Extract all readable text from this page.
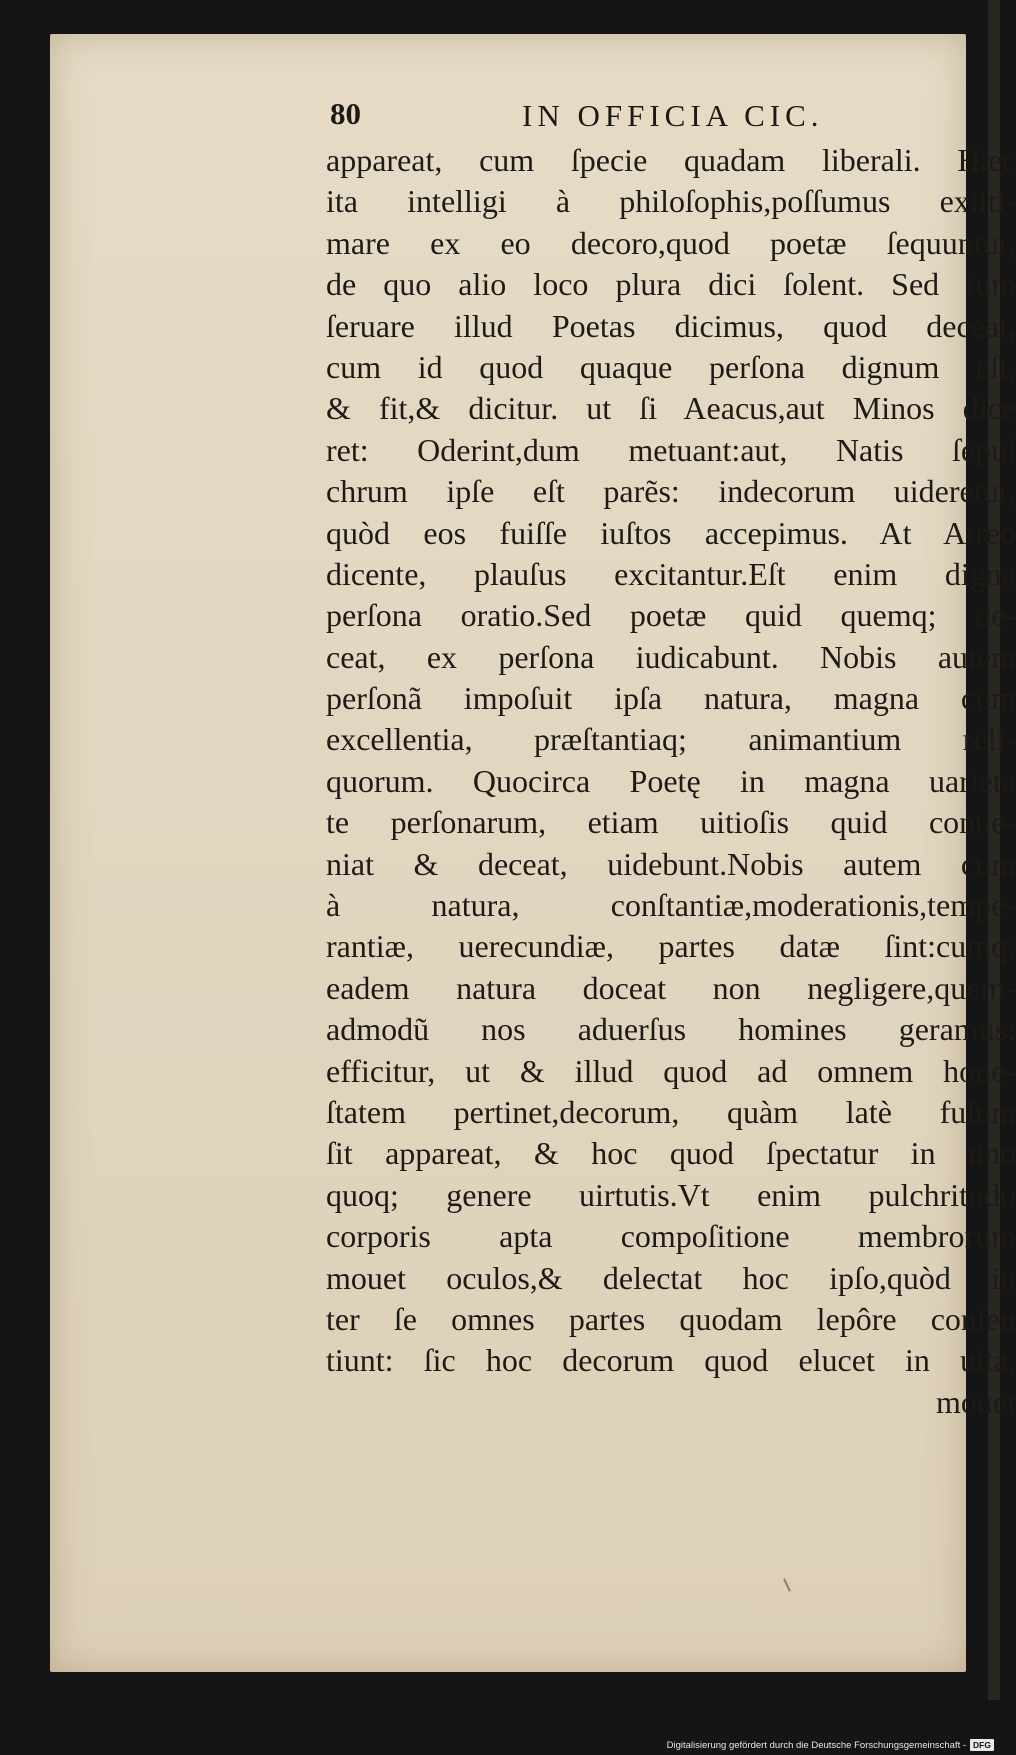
80	IN OFFICIA CIC.
appareat, cum ſpecie quadam liberali. Hæc
ita intelligi à philoſophis,poſſumus exiſti-
mare ex eo decoro,quod poetæ ſequuntur,
de quo alio loco plura dici ſolent. Sed tum
ſeruare illud Poetas dicimus, quod deceat,
cum id quod quaque perſona dignum eſt,
& fit,& dicitur. ut ſi Aeacus,aut Minos dice
ret: Oderint,dum metuant:aut, Natis ſepul
chrum ipſe eſt parẽs: indecorum uideretur,
quòd eos fuiſſe iuſtos accepimus. At Atreo
dicente, plauſus excitantur.Eſt enim digna
perſona oratio.Sed poetæ quid quemq; de-
ceat, ex perſona iudicabunt. Nobis autem
perſonã impoſuit ipſa natura, magna cum
excellentia, præſtantiaq; animantium reli-
quorum. Quocirca Poetę in magna uarieta
te perſonarum, etiam uitioſis quid conue-
niat & deceat, uidebunt.Nobis autem cum
à natura, conſtantiæ,moderationis,tempe-
rantiæ, uerecundiæ, partes datæ ſint:cumq;
eadem natura doceat non negligere,quem-
admodũ nos aduerſus homines geramus:
efficitur, ut & illud quod ad omnem hone-
ſtatem pertinet,decorum, quàm latè fuſum
ſit appareat, & hoc quod ſpectatur in uno
quoq; genere uirtutis.Vt enim pulchritudo
corporis apta compoſitione membrorum
mouet oculos,& delectat hoc ipſo,quòd in
ter ſe omnes partes quodam lepôre conſen
tiunt: ſic hoc decorum quod elucet in uita,
mouet
Digitalisierung gefördert durch die Deutsche Forschungsgemeinschaft - DFG
